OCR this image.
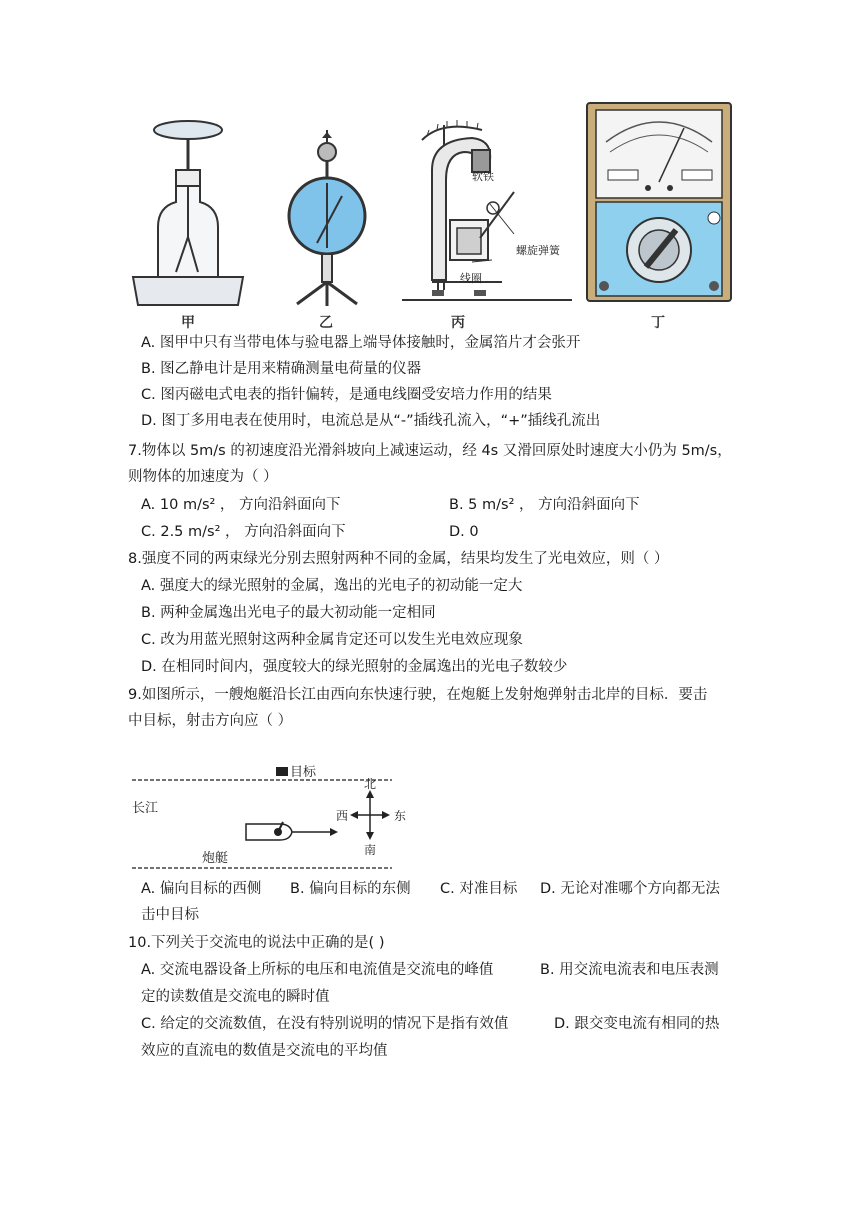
甲	乙
软铁
螺旋弹簧
线圈
丙	丁
A. 图甲中只有当带电体与验电器上端导体接触时，金属箔片才会张开
B. 图乙静电计是用来精确测量电荷量的仪器
C. 图丙磁电式电表的指针偏转，是通电线圈受安培力作用的结果
D. 图丁多用电表在使用时，电流总是从“-”插线孔流入，“+”插线孔流出
7.物体以 5m/s 的初速度沿光滑斜坡向上减速运动，经 4s 又滑回原处时速度大小仍为 5m/s，
则物体的加速度为（ ）
A. 10 m/s² ， 方向沿斜面向下	B. 5 m/s² ， 方向沿斜面向下
C. 2.5 m/s² ， 方向沿斜面向下	D. 0
8.强度不同的两束绿光分别去照射两种不同的金属，结果均发生了光电效应，则（ ）
A. 强度大的绿光照射的金属，逸出的光电子的初动能一定大
B. 两种金属逸出光电子的最大初动能一定相同
C. 改为用蓝光照射这两种金属肯定还可以发生光电效应现象
D. 在相同时间内，强度较大的绿光照射的金属逸出的光电子数较少
9.如图所示，一艘炮艇沿长江由西向东快速行驶，在炮艇上发射炮弹射击北岸的目标．要击
中目标，射击方向应（ ）
目标
长江
炮艇
北
南
西	东
A. 偏向目标的西侧 B. 偏向目标的东侧 C. 对准目标 D. 无论对准哪个方向都无法
击中目标
10.下列关于交流电的说法中正确的是( )
A. 交流电器设备上所标的电压和电流值是交流电的峰值	B. 用交流电流表和电压表测
定的读数值是交流电的瞬时值
C. 给定的交流数值，在没有特别说明的情况下是指有效值	D. 跟交变电流有相同的热
效应的直流电的数值是交流电的平均值
